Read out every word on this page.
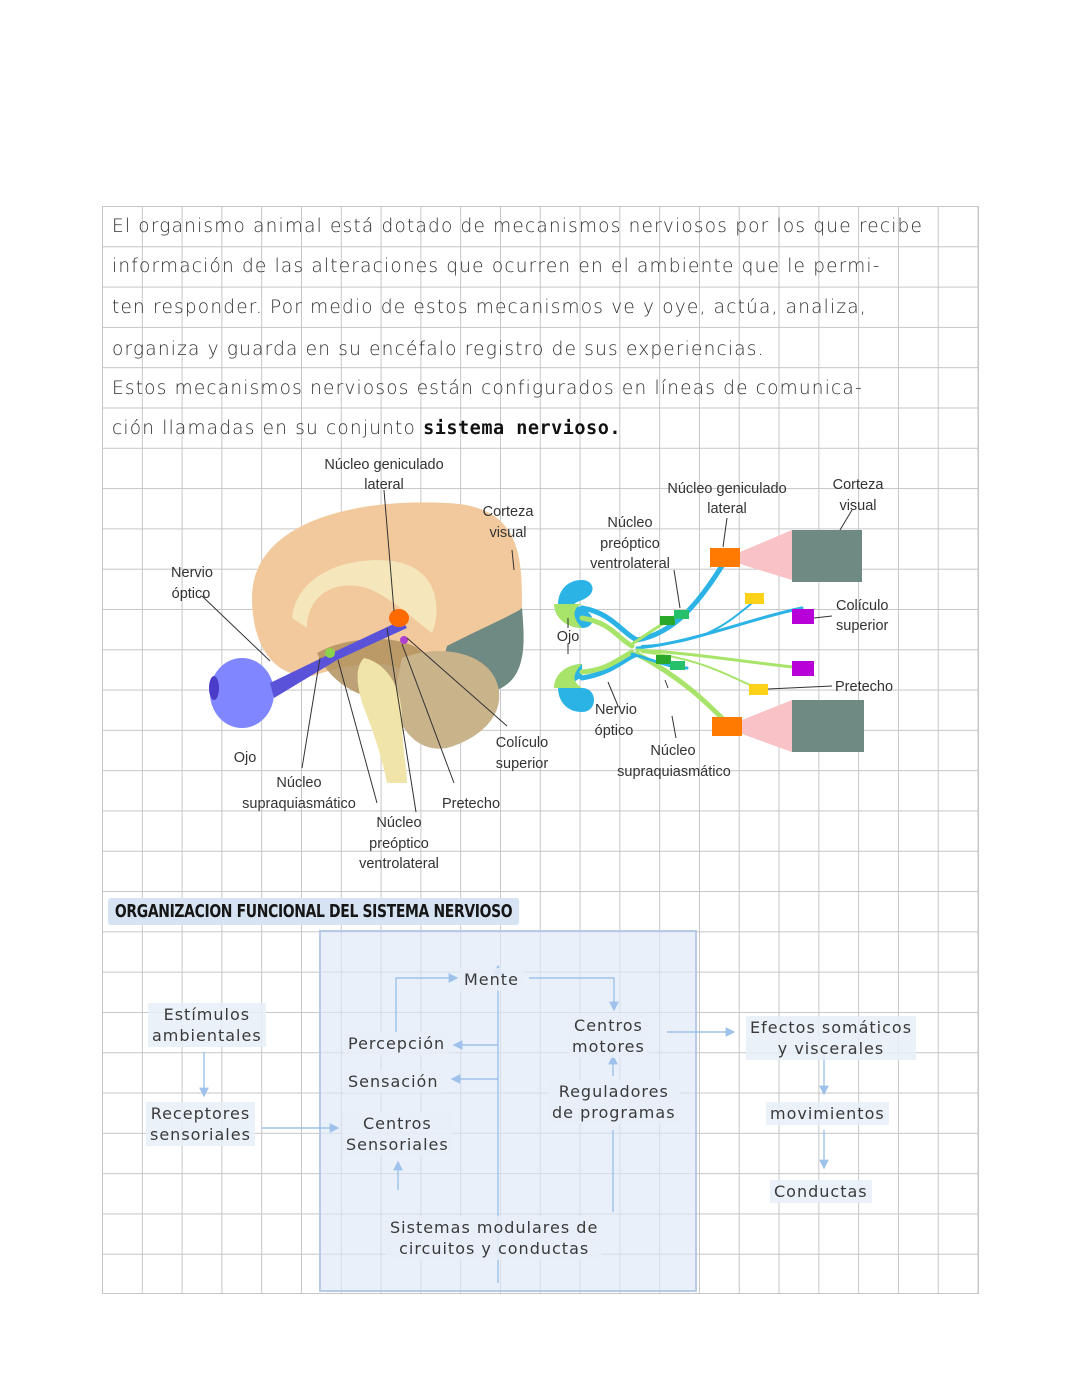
El organismo animal está dotado de mecanismos nerviosos por los que recibe
información de las alteraciones que ocurren en el ambiente que le permi-
ten responder. Por medio de estos mecanismos ve y oye, actúa, analiza,
organiza y guarda en su encéfalo registro de sus experiencias.
Estos mecanismos nerviosos están configurados en líneas de comunica-
ción llamadas en su conjunto sistema nervioso.
Núcleo geniculado
lateral
Corteza
visual
Nervio
óptico
Ojo
Núcleo
supraquiasmático	Pretecho
Colículo
superior
Núcleo
preóptico
ventrolateral
Núcleo geniculado
lateral
Corteza
visual
Núcleo
preóptico
ventrolateral
Ojo
Colículo
superior
Pretecho
Nervio
óptico
Núcleo
supraquiasmático
ORGANIZACION FUNCIONAL DEL SISTEMA NERVIOSO
Mente
Estímulos
ambientales	Percepción
Centros
motores
Efectos somáticos
y viscerales
Sensación
Reguladores
de programas
Receptores
sensoriales
Centros
Sensoriales
movimientos
Conductas
Sistemas modulares de
circuitos y conductas
